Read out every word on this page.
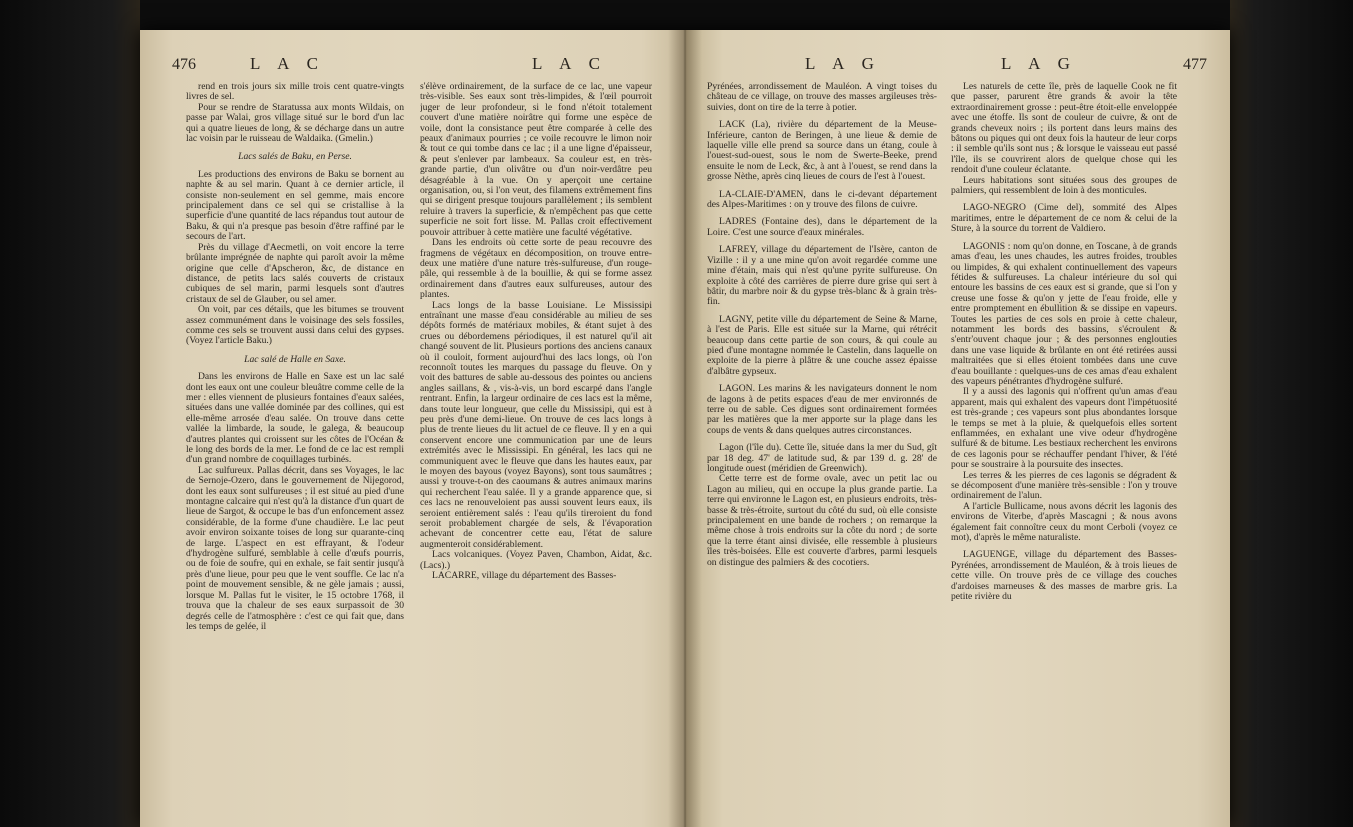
476	L A C	L A C

rend en trois jours six mille trois cent quatre-vingts livres de sel.

Pour se rendre de Staratussa aux monts Wildais, on passe par Walai, gros village situé sur le bord d'un lac qui a quatre lieues de long, & se décharge dans un autre lac voisin par le ruisseau de Waldaika. (Gmelin.)

Lacs salés de Baku, en Perse.

Les productions des environs de Baku se bornent au naphte & au sel marin. Quant à ce dernier article, il consiste non-seulement en sel gemme, mais encore principalement dans ce sel qui se cristallise à la superficie d'une quantité de lacs répandus tout autour de Baku, & qui n'a presque pas besoin d'être raffiné par le secours de l'art.

Près du village d'Aecmetli, on voit encore la terre brûlante imprégnée de naphte qui paroît avoir la même origine que celle d'Apscheron, &c, de distance en distance, de petits lacs salés couverts de cristaux cubiques de sel marin, parmi lesquels sont d'autres cristaux de sel de Glauber, ou sel amer.

On voit, par ces détails, que les bitumes se trouvent assez communément dans le voisinage des sels fossiles, comme ces sels se trouvent aussi dans celui des gypses. (Voyez l'article Baku.)

Lac salé de Halle en Saxe.

Dans les environs de Halle en Saxe est un lac salé dont les eaux ont une couleur bleuâtre comme celle de la mer : elles viennent de plusieurs fontaines d'eaux salées, situées dans une vallée dominée par des collines, qui est elle-même arrosée d'eau salée. On trouve dans cette vallée la limbarde, la soude, le galega, & beaucoup d'autres plantes qui croissent sur les côtes de l'Océan & le long des bords de la mer. Le fond de ce lac est rempli d'un grand nombre de coquillages turbinés.

Lac sulfureux. Pallas décrit, dans ses Voyages, le lac de Sernoje-Ozero, dans le gouvernement de Nijegorod, dont les eaux sont sulfureuses ; il est situé au pied d'une montagne calcaire qui n'est qu'à la distance d'un quart de lieue de Sargot, & occupe le bas d'un enfoncement assez considérable, de la forme d'une chaudière. Le lac peut avoir environ soixante toises de long sur quarante-cinq de large. L'aspect en est effrayant, & l'odeur d'hydrogène sulfuré, semblable à celle d'œufs pourris, ou de foie de soufre, qui en exhale, se fait sentir jusqu'à près d'une lieue, pour peu que le vent souffle. Ce lac n'a point de mouvement sensible, & ne gèle jamais ; aussi, lorsque M. Pallas fut le visiter, le 15 octobre 1768, il trouva que la chaleur de ses eaux surpassoit de 30 degrés celle de l'atmosphère : c'est ce qui fait que, dans les temps de gelée, il

s'élève ordinairement, de la surface de ce lac, une vapeur très-visible. Ses eaux sont très-limpides, & l'œil pourroit juger de leur profondeur, si le fond n'étoit totalement couvert d'une matière noirâtre qui forme une espèce de voile, dont la consistance peut être comparée à celle des peaux d'animaux pourries ; ce voile recouvre le limon noir & tout ce qui tombe dans ce lac ; il a une ligne d'épaisseur, & peut s'enlever par lambeaux. Sa couleur est, en très-grande partie, d'un olivâtre ou d'un noir-verdâtre peu désagréable à la vue. On y aperçoit une certaine organisation, ou, si l'on veut, des filamens extrêmement fins qui se dirigent presque toujours parallèlement ; ils semblent reluire à travers la superficie, & n'empêchent pas que cette superficie ne soit fort lisse. M. Pallas croit effectivement pouvoir attribuer à cette matière une faculté végétative.

Dans les endroits où cette sorte de peau recouvre des fragmens de végétaux en décomposition, on trouve entre-deux une matière d'une nature très-sulfureuse, d'un rouge-pâle, qui ressemble à de la bouillie, & qui se forme assez ordinairement dans d'autres eaux sulfureuses, autour des plantes.

Lacs longs de la basse Louisiane. Le Mississipi entraînant une masse d'eau considérable au milieu de ses dépôts formés de matériaux mobiles, & étant sujet à des crues ou débordemens périodiques, il est naturel qu'il ait changé souvent de lit. Plusieurs portions des anciens canaux où il couloit, forment aujourd'hui des lacs longs, où l'on reconnoît toutes les marques du passage du fleuve. On y voit des battures de sable au-dessous des pointes ou anciens angles saillans, & , vis-à-vis, un bord escarpé dans l'angle rentrant. Enfin, la largeur ordinaire de ces lacs est la même, dans toute leur longueur, que celle du Mississipi, qui est à peu près d'une demi-lieue. On trouve de ces lacs longs à plus de trente lieues du lit actuel de ce fleuve. Il y en a qui conservent encore une communication par une de leurs extrémités avec le Mississipi. En général, les lacs qui ne communiquent avec le fleuve que dans les hautes eaux, par le moyen des bayous (voyez Bayons), sont tous saumâtres ; aussi y trouve-t-on des caoumans & autres animaux marins qui recherchent l'eau salée. Il y a grande apparence que, si ces lacs ne renouveloient pas aussi souvent leurs eaux, ils seroient entièrement salés : l'eau qu'ils tireroient du fond seroit probablement chargée de sels, & l'évaporation achevant de concentrer cette eau, l'état de salure augmenteroit considérablement.

Lacs volcaniques. (Voyez Paven, Chambon, Aidat, &c. (Lacs).)

LACARRE, village du département des Basses-

L A G	L A G	477

Pyrénées, arrondissement de Mauléon. A vingt toises du château de ce village, on trouve des masses argileuses très-suivies, dont on tire de la terre à potier.

LACK (La), rivière du département de la Meuse-Inférieure, canton de Beringen, à une lieue & demie de laquelle ville elle prend sa source dans un étang, coule à l'ouest-sud-ouest, sous le nom de Swerte-Beeke, prend ensuite le nom de Leck, &c, à ant à l'ouest, se rend dans la grosse Nèthe, après cinq lieues de cours de l'est à l'ouest.

LA-CLAIE-D'AMEN, dans le ci-devant département des Alpes-Maritimes : on y trouve des filons de cuivre.

LADRES (Fontaine des), dans le département de la Loire. C'est une source d'eaux minérales.

LAFREY, village du département de l'Isère, canton de Vizille : il y a une mine qu'on avoit regardée comme une mine d'étain, mais qui n'est qu'une pyrite sulfureuse. On exploite à côté des carrières de pierre dure grise qui sert à bâtir, du marbre noir & du gypse très-blanc & à grain très-fin.

LAGNY, petite ville du département de Seine & Marne, à l'est de Paris. Elle est située sur la Marne, qui rétrécit beaucoup dans cette partie de son cours, & qui coule au pied d'une montagne nommée le Castelin, dans laquelle on exploite de la pierre à plâtre & une couche assez épaisse d'albâtre gypseux.

LAGON. Les marins & les navigateurs donnent le nom de lagons à de petits espaces d'eau de mer environnés de terre ou de sable. Ces digues sont ordinairement formées par les matières que la mer apporte sur la plage dans les coups de vents & dans quelques autres circonstances.

Lagon (l'île du). Cette île, située dans la mer du Sud, gît par 18 deg. 47' de latitude sud, & par 139 d. g. 28' de longitude ouest (méridien de Greenwich).

Cette terre est de forme ovale, avec un petit lac ou Lagon au milieu, qui en occupe la plus grande partie. La terre qui environne le Lagon est, en plusieurs endroits, très-basse & très-étroite, surtout du côté du sud, où elle consiste principalement en une bande de rochers ; on remarque la même chose à trois endroits sur la côte du nord ; de sorte que la terre étant ainsi divisée, elle ressemble à plusieurs îles très-boisées. Elle est couverte d'arbres, parmi lesquels on distingue des palmiers & des cocotiers.

Les naturels de cette île, près de laquelle Cook ne fit que passer, parurent être grands & avoir la tête extraordinairement grosse : peut-être étoit-elle enveloppée avec une étoffe. Ils sont de couleur de cuivre, & ont de grands cheveux noirs ; ils portent dans leurs mains des bâtons ou piques qui ont deux fois la hauteur de leur corps : il semble qu'ils sont nus ; & lorsque le vaisseau eut passé l'île, ils se couvrirent alors de quelque chose qui les rendoit d'une couleur éclatante.

Leurs habitations sont situées sous des groupes de palmiers, qui ressemblent de loin à des monticules.

LAGO-NEGRO (Cime del), sommité des Alpes maritimes, entre le département de ce nom & celui de la Sture, à la source du torrent de Valdiero.

LAGONIS : nom qu'on donne, en Toscane, à de grands amas d'eau, les unes chaudes, les autres froides, troubles ou limpides, & qui exhalent continuellement des vapeurs fétides & sulfureuses. La chaleur intérieure du sol qui entoure les bassins de ces eaux est si grande, que si l'on y creuse une fosse & qu'on y jette de l'eau froide, elle y entre promptement en ébullition & se dissipe en vapeurs. Toutes les parties de ces sols en proie à cette chaleur, notamment les bords des bassins, s'écroulent & s'entr'ouvent chaque jour ; & des personnes englouties dans une vase liquide & brûlante en ont été retirées aussi maltraitées que si elles étoient tombées dans une cuve d'eau bouillante : quelques-uns de ces amas d'eau exhalent des vapeurs pénétrantes d'hydrogène sulfuré.

Il y a aussi des lagonis qui n'offrent qu'un amas d'eau apparent, mais qui exhalent des vapeurs dont l'impétuosité est très-grande ; ces vapeurs sont plus abondantes lorsque le temps se met à la pluie, & quelquefois elles sortent enflammées, en exhalant une vive odeur d'hydrogène sulfuré & de bitume. Les bestiaux recherchent les environs de ces lagonis pour se réchauffer pendant l'hiver, & l'été pour se soustraire à la poursuite des insectes.

Les terres & les pierres de ces lagonis se dégradent & se décomposent d'une manière très-sensible : l'on y trouve ordinairement de l'alun.

A l'article Bullicame, nous avons décrit les lagonis des environs de Viterbe, d'après Mascagni ; & nous avons également fait connoître ceux du mont Cerboli (voyez ce mot), d'après le même naturaliste.

LAGUENGE, village du département des Basses-Pyrénées, arrondissement de Mauléon, & à trois lieues de cette ville. On trouve près de ce village des couches d'ardoises marneuses & des masses de marbre gris. La petite rivière du
